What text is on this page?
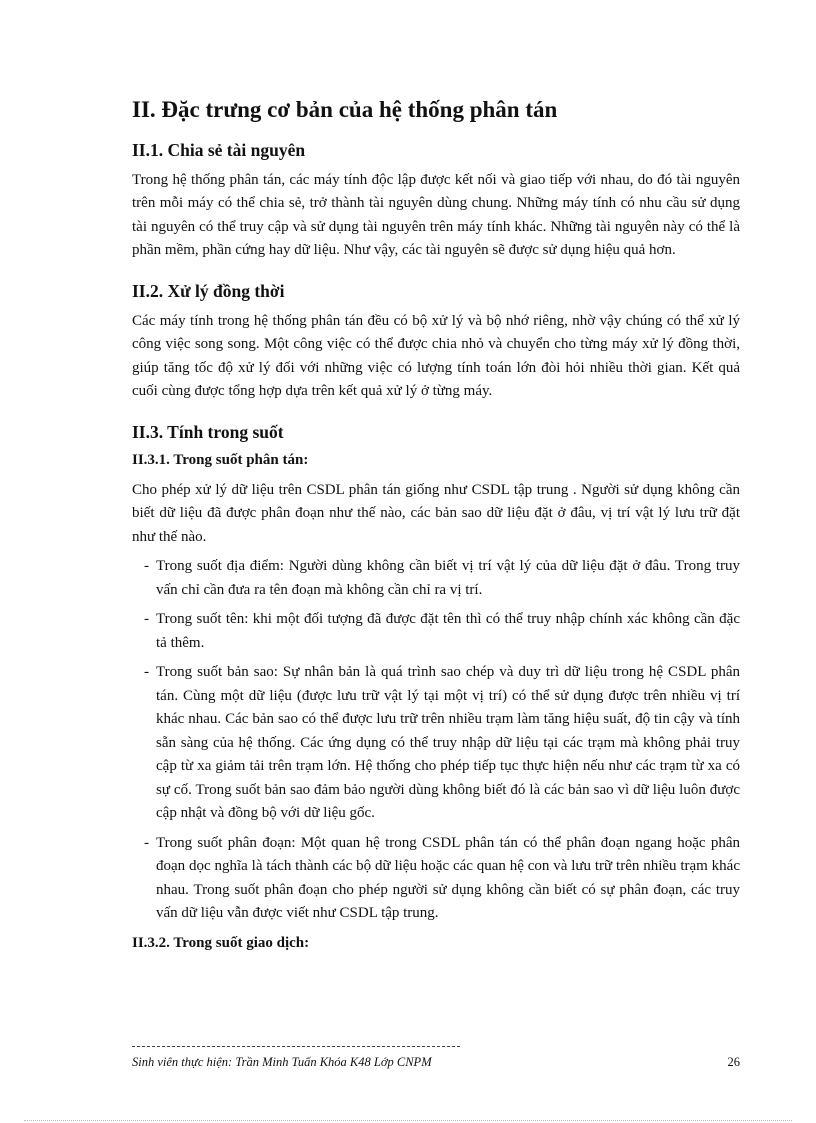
II. Đặc trưng cơ bản của hệ thống phân tán
II.1. Chia sẻ tài nguyên

Trong hệ thống phân tán, các máy tính độc lập được kết nối và giao tiếp với nhau, do đó tài nguyên trên mỗi máy có thể chia sẻ, trở thành tài nguyên dùng chung. Những máy tính có nhu cầu sử dụng tài nguyên có thể truy cập và sử dụng tài nguyên trên máy tính khác. Những tài nguyên này có thể là phần mềm, phần cứng hay dữ liệu. Như vậy, các tài nguyên sẽ được sử dụng hiệu quả hơn.

II.2. Xử lý đồng thời

Các máy tính trong hệ thống phân tán đều có bộ xử lý và bộ nhớ riêng, nhờ vậy chúng có thể xử lý công việc song song. Một công việc có thể được chia nhỏ và chuyển cho từng máy xử lý đồng thời, giúp tăng tốc độ xử lý đối với những việc có lượng tính toán lớn đòi hỏi nhiều thời gian. Kết quả cuối cùng được tổng hợp dựa trên kết quả xử lý ở từng máy.

II.3. Tính trong suốt
II.3.1. Trong suốt phân tán:

Cho phép xử lý dữ liệu trên CSDL phân tán giống như CSDL tập trung . Người sử dụng không cần biết dữ liệu đã được phân đoạn như thế nào, các bản sao dữ liệu đặt ở đâu, vị trí vật lý lưu trữ đặt như thế nào.

- Trong suốt địa điểm: Người dùng không cần biết vị trí vật lý của dữ liệu đặt ở đâu. Trong truy vấn chỉ cần đưa ra tên đoạn mà không cần chỉ ra vị trí.
- Trong suốt tên: khi một đối tượng đã được đặt tên thì có thể truy nhập chính xác không cần đặc tả thêm.
- Trong suốt bản sao: Sự nhân bản là quá trình sao chép và duy trì dữ liệu trong hệ CSDL phân tán. Cùng một dữ liệu (được lưu trữ vật lý tại một vị trí) có thể sử dụng được trên nhiều vị trí khác nhau. Các bản sao có thể được lưu trữ trên nhiều trạm làm tăng hiệu suất, độ tin cậy và tính sẵn sàng của hệ thống. Các ứng dụng có thể truy nhập dữ liệu tại các trạm mà không phải truy cập từ xa giảm tải trên trạm lớn. Hệ thống cho phép tiếp tục thực hiện nếu như các trạm từ xa có sự cố. Trong suốt bản sao đảm bảo người dùng không biết đó là các bản sao vì dữ liệu luôn được cập nhật và đồng bộ với dữ liệu gốc.
- Trong suốt phân đoạn: Một quan hệ trong CSDL phân tán có thể phân đoạn ngang hoặc phân đoạn dọc nghĩa là tách thành các bộ dữ liệu hoặc các quan hệ con và lưu trữ trên nhiều trạm khác nhau. Trong suốt phân đoạn cho phép người sử dụng không cần biết có sự phân đoạn, các truy vấn dữ liệu vẫn được viết như CSDL tập trung.
II.3.2. Trong suốt giao dịch:
Sinh viên thực hiện: Trần Minh Tuấn Khóa K48 Lớp CNPM	26
